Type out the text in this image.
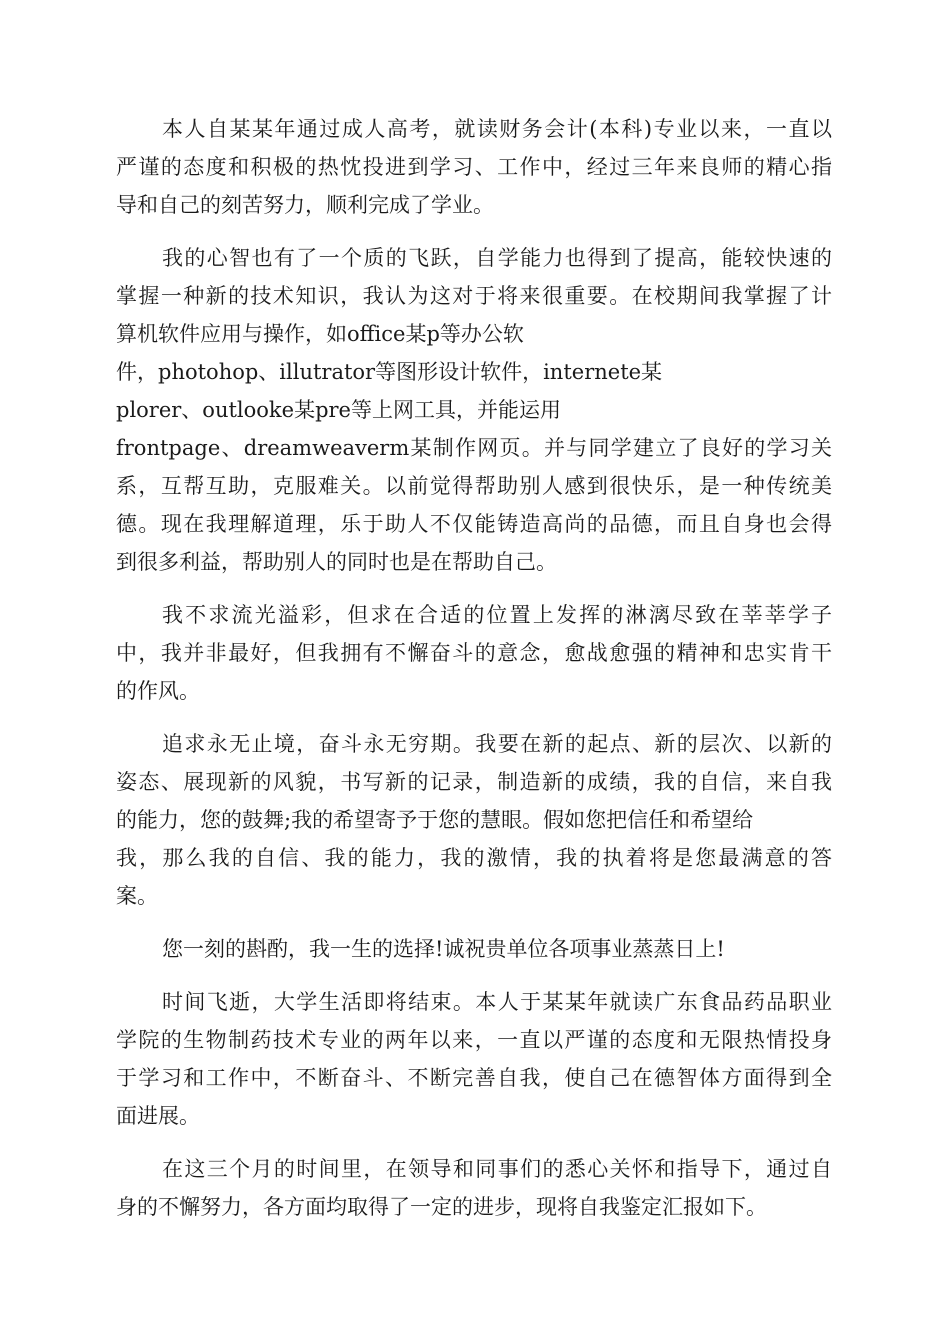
本人自某某年通过成人高考，就读财务会计(本科)专业以来，一直以
严谨的态度和积极的热忱投进到学习、工作中，经过三年来良师的精心指
导和自己的刻苦努力，顺利完成了学业。

我的心智也有了一个质的飞跃，自学能力也得到了提高，能较快速的
掌握一种新的技术知识，我认为这对于将来很重要。在校期间我掌握了计
算机软件应用与操作，如office某p等办公软
件，photohop、illutrator等图形设计软件，internete某
plorer、outlooke某pre等上网工具，并能运用
frontpage、dreamweaverm某制作网页。并与同学建立了良好的学习关
系，互帮互助，克服难关。以前觉得帮助别人感到很快乐，是一种传统美
德。现在我理解道理，乐于助人不仅能铸造高尚的品德，而且自身也会得
到很多利益，帮助别人的同时也是在帮助自己。

我不求流光溢彩，但求在合适的位置上发挥的淋漓尽致在莘莘学子
中，我并非最好，但我拥有不懈奋斗的意念，愈战愈强的精神和忠实肯干
的作风。

追求永无止境，奋斗永无穷期。我要在新的起点、新的层次、以新的
姿态、展现新的风貌，书写新的记录，制造新的成绩，我的自信，来自我
的能力，您的鼓舞;我的希望寄予于您的慧眼。假如您把信任和希望给
我，那么我的自信、我的能力，我的激情，我的执着将是您最满意的答
案。

您一刻的斟酌，我一生的选择!诚祝贵单位各项事业蒸蒸日上!

时间飞逝，大学生活即将结束。本人于某某年就读广东食品药品职业
学院的生物制药技术专业的两年以来，一直以严谨的态度和无限热情投身
于学习和工作中，不断奋斗、不断完善自我，使自己在德智体方面得到全
面进展。

在这三个月的时间里，在领导和同事们的悉心关怀和指导下，通过自
身的不懈努力，各方面均取得了一定的进步，现将自我鉴定汇报如下。
